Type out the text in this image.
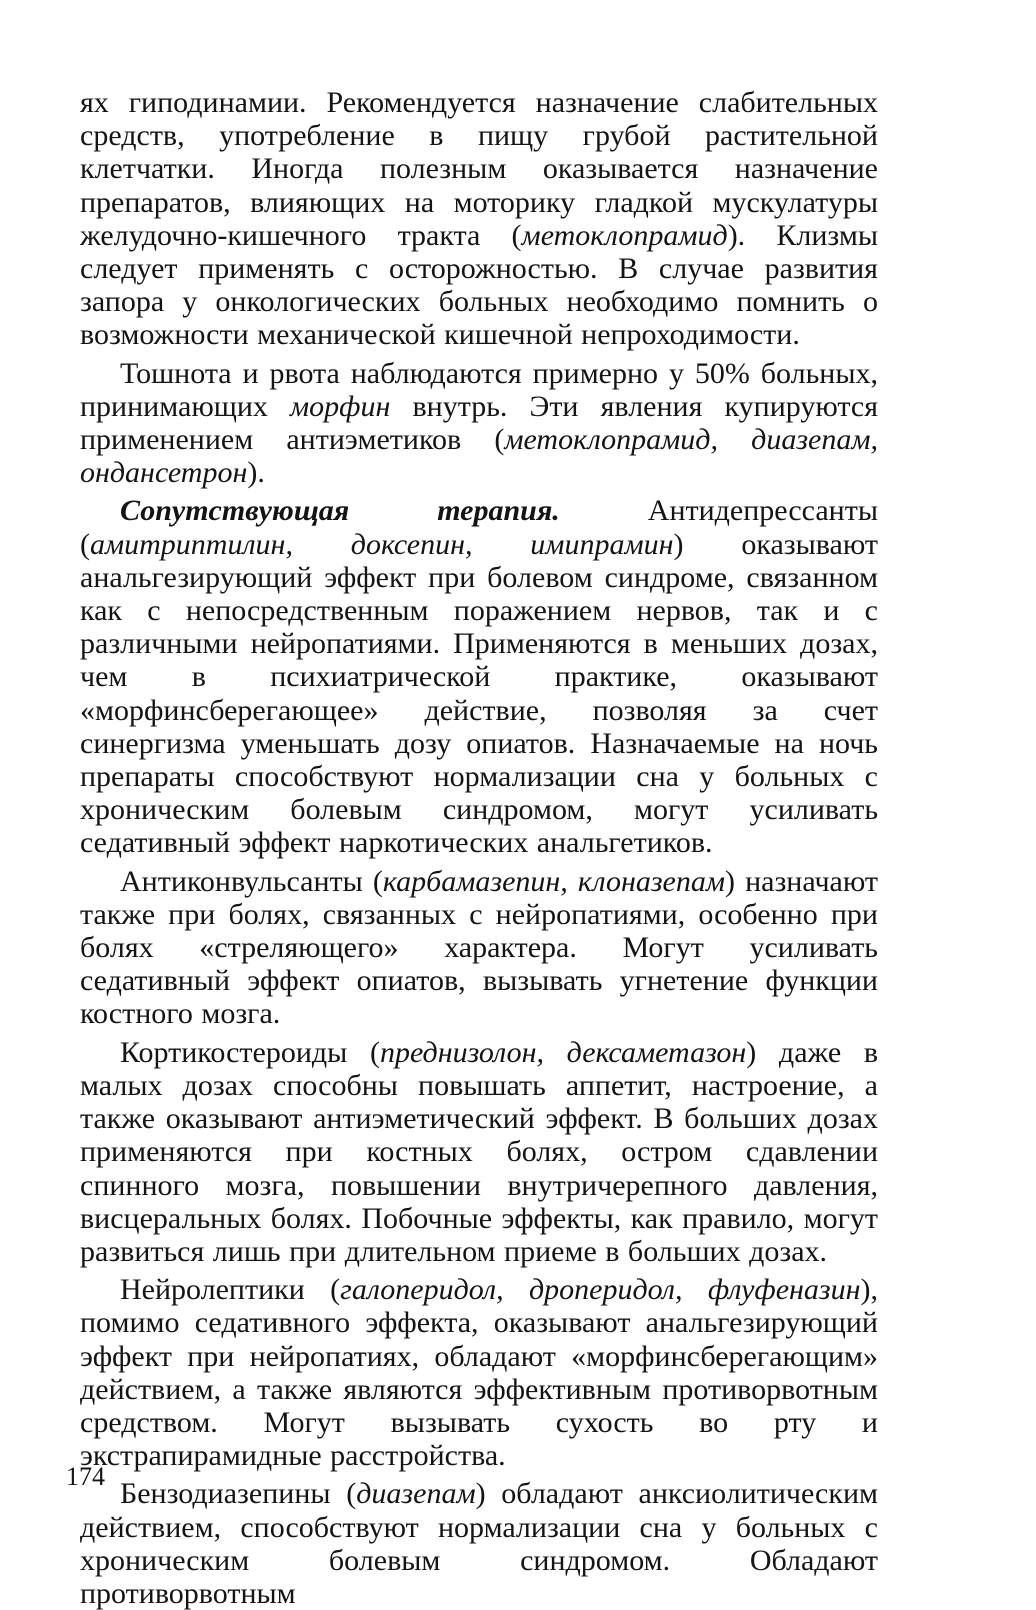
ях гиподинамии. Рекомендуется назначение слабительных средств, употребление в пищу грубой растительной клетчатки. Иногда полезным оказывается назначение препаратов, влияющих на моторику гладкой мускулатуры желудочно-кишечного тракта (метоклопрамид). Клизмы следует применять с осторожностью. В случае развития запора у онкологических больных необходимо помнить о возможности механической кишечной непроходимости.

Тошнота и рвота наблюдаются примерно у 50% больных, принимающих морфин внутрь. Эти явления купируются применением антиэметиков (метоклопрамид, диазепам, ондансетрон).

Сопутствующая терапия. Антидепрессанты (амитриптилин, доксепин, имипрамин) оказывают анальгезирующий эффект при болевом синдроме, связанном как с непосредственным поражением нервов, так и с различными нейропатиями. Применяются в меньших дозах, чем в психиатрической практике, оказывают «морфинсберегающее» действие, позволяя за счет синергизма уменьшать дозу опиатов. Назначаемые на ночь препараты способствуют нормализации сна у больных с хроническим болевым синдромом, могут усиливать седативный эффект наркотических анальгетиков.

Антиконвульсанты (карбамазепин, клоназепам) назначают также при болях, связанных с нейропатиями, особенно при болях «стреляющего» характера. Могут усиливать седативный эффект опиатов, вызывать угнетение функции костного мозга.

Кортикостероиды (преднизолон, дексаметазон) даже в малых дозах способны повышать аппетит, настроение, а также оказывают антиэметический эффект. В больших дозах применяются при костных болях, остром сдавлении спинного мозга, повышении внутричерепного давления, висцеральных болях. Побочные эффекты, как правило, могут развиться лишь при длительном приеме в больших дозах.

Нейролептики (галоперидол, дроперидол, флуфеназин), помимо седативного эффекта, оказывают анальгезирующий эффект при нейропатиях, обладают «морфинсберегающим» действием, а также являются эффективным противорвотным средством. Могут вызывать сухость во рту и экстрапирамидные расстройства.

Бензодиазепины (диазепам) обладают анксиолитическим действием, способствуют нормализации сна у больных с хроническим болевым синдромом. Обладают противорвотным

174
